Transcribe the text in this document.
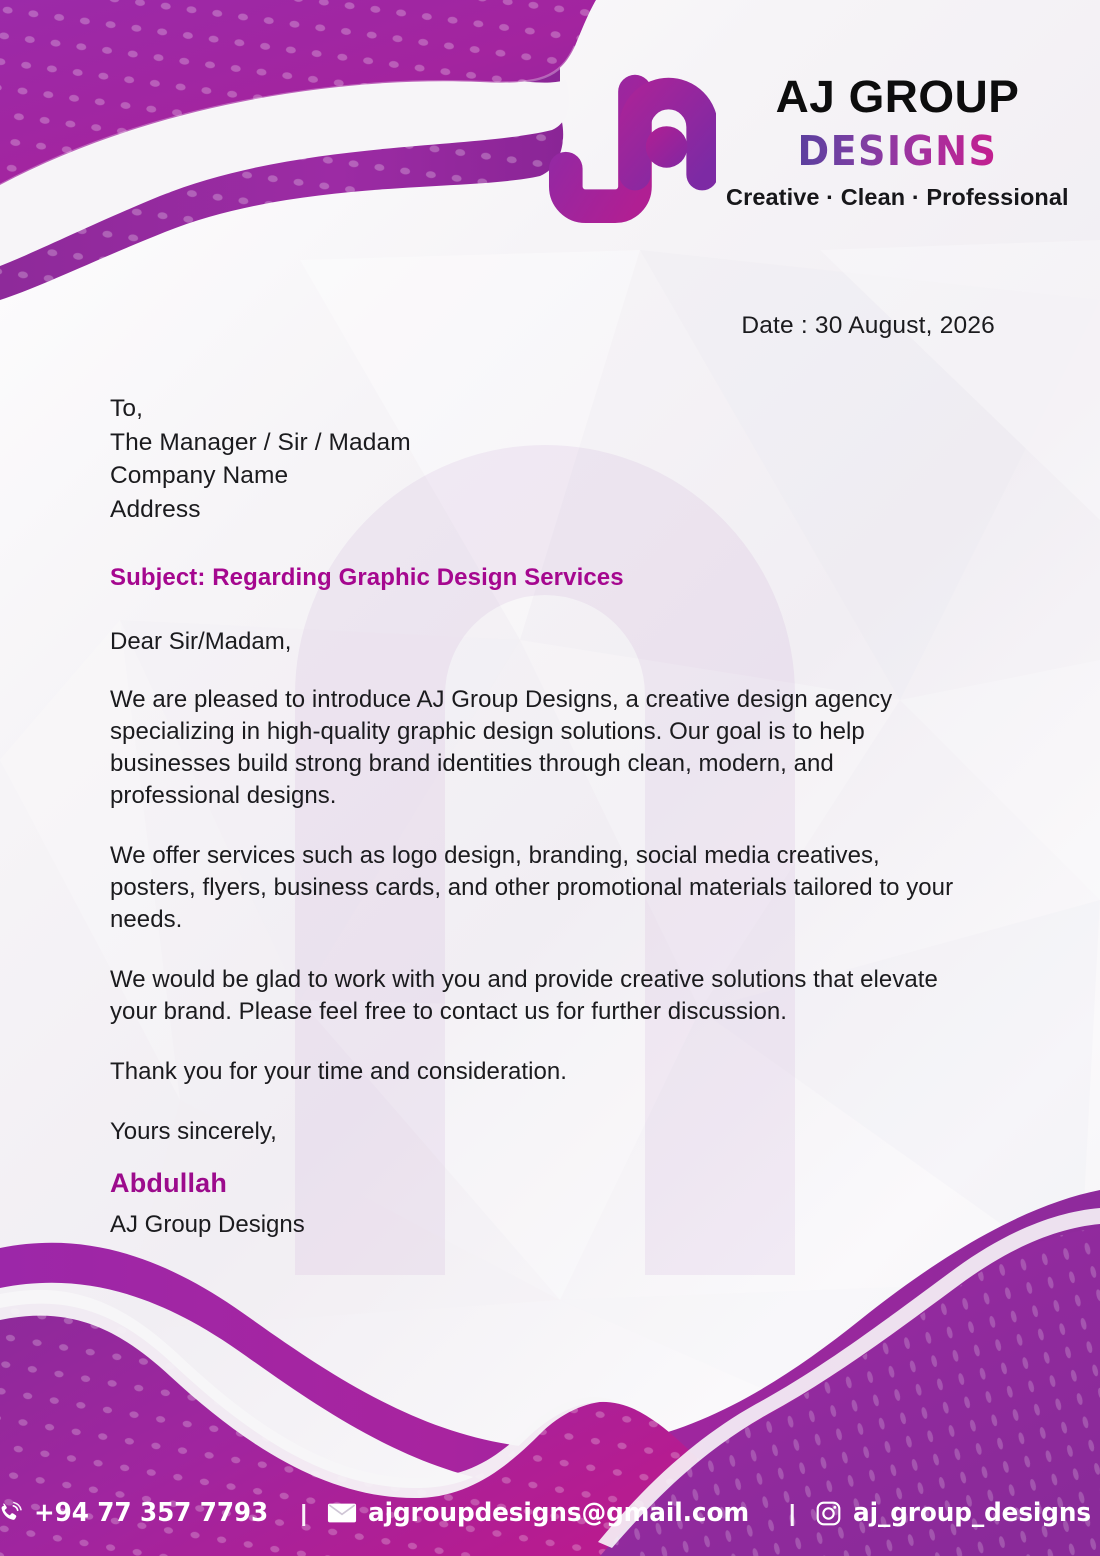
AJ GROUP
DESIGNS
Creative · Clean · Professional
Date : 30 August, 2026
To,
The Manager / Sir / Madam
Company Name
Address
Subject: Regarding Graphic Design Services
Dear Sir/Madam,
We are pleased to introduce AJ Group Designs, a creative design agency specializing in high-quality graphic design solutions. Our goal is to help businesses build strong brand identities through clean, modern, and professional designs.
We offer services such as logo design, branding, social media creatives, posters, flyers, business cards, and other promotional materials tailored to your needs.
We would be glad to work with you and provide creative solutions that elevate your brand. Please feel free to contact us for further discussion.
Thank you for your time and consideration.
Yours sincerely,
Abdullah
AJ Group Designs
+94 77 357 7793 | ajgroupdesigns@gmail.com | aj_group_designs
